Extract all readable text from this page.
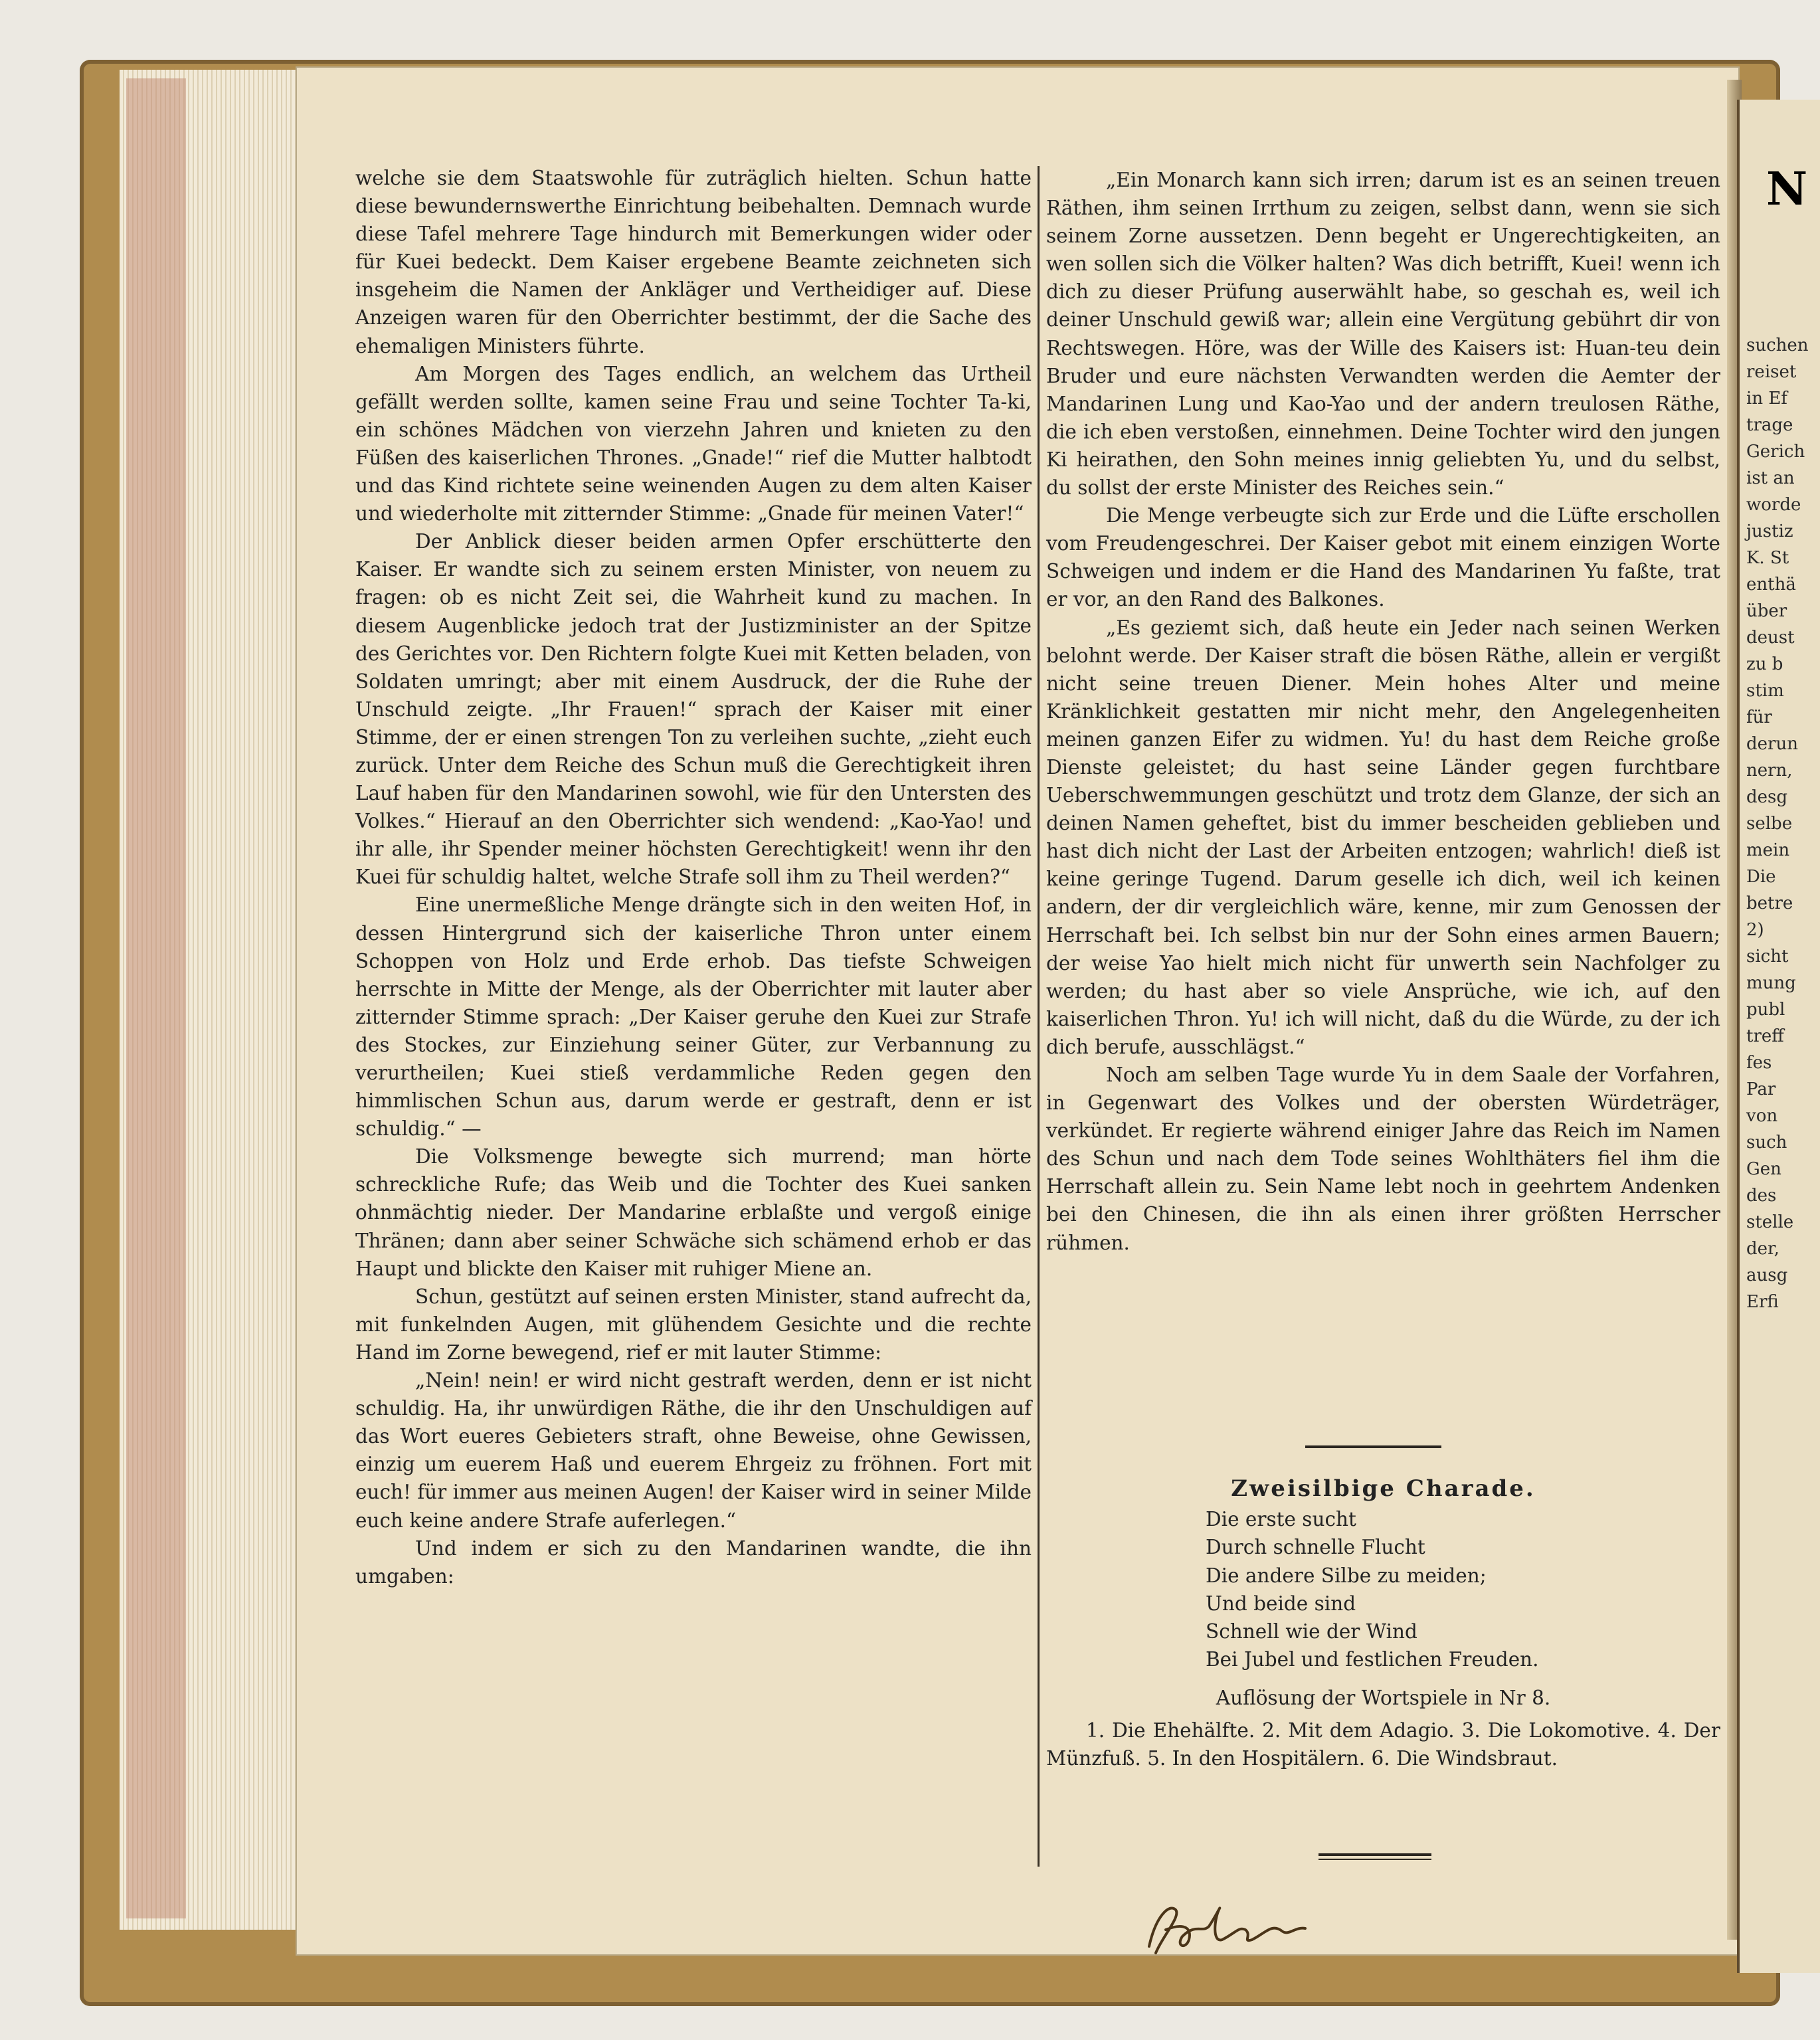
N
suchen
reiset
in Ef
trage
Gerich
ist an
worde
justiz
K. St
enthä
über
deust
zu b
stim
für
derun
nern,
desg
selbe
mein
Die
betre
2)
sicht
mung
publ
treff
fes
Par
von
such
Gen
des
stelle
der,
ausg
Erfi

welche sie dem Staatswohle für zuträglich hielten. Schun hatte diese bewundernswerthe Einrichtung beibehalten. Demnach wurde diese Tafel mehrere Tage hindurch mit Bemerkungen wider oder für Kuei bedeckt. Dem Kaiser ergebene Beamte zeichneten sich insgeheim die Namen der Ankläger und Vertheidiger auf. Diese Anzeigen waren für den Oberrichter bestimmt, der die Sache des ehemaligen Ministers führte.

Am Morgen des Tages endlich, an welchem das Urtheil gefällt werden sollte, kamen seine Frau und seine Tochter Ta-ki, ein schönes Mädchen von vierzehn Jahren und knieten zu den Füßen des kaiserlichen Thrones. „Gnade!“ rief die Mutter halbtodt und das Kind richtete seine weinenden Augen zu dem alten Kaiser und wiederholte mit zitternder Stimme: „Gnade für meinen Vater!“

Der Anblick dieser beiden armen Opfer erschütterte den Kaiser. Er wandte sich zu seinem ersten Minister, von neuem zu fragen: ob es nicht Zeit sei, die Wahrheit kund zu machen. In diesem Augenblicke jedoch trat der Justizminister an der Spitze des Gerichtes vor. Den Richtern folgte Kuei mit Ketten beladen, von Soldaten umringt; aber mit einem Ausdruck, der die Ruhe der Unschuld zeigte. „Ihr Frauen!“ sprach der Kaiser mit einer Stimme, der er einen strengen Ton zu verleihen suchte, „zieht euch zurück. Unter dem Reiche des Schun muß die Gerechtigkeit ihren Lauf haben für den Mandarinen sowohl, wie für den Untersten des Volkes.“ Hierauf an den Oberrichter sich wendend: „Kao-Yao! und ihr alle, ihr Spender meiner höchsten Gerechtigkeit! wenn ihr den Kuei für schuldig haltet, welche Strafe soll ihm zu Theil werden?“

Eine unermeßliche Menge drängte sich in den weiten Hof, in dessen Hintergrund sich der kaiserliche Thron unter einem Schoppen von Holz und Erde erhob. Das tiefste Schweigen herrschte in Mitte der Menge, als der Oberrichter mit lauter aber zitternder Stimme sprach: „Der Kaiser geruhe den Kuei zur Strafe des Stockes, zur Einziehung seiner Güter, zur Verbannung zu verurtheilen; Kuei stieß verdammliche Reden gegen den himmlischen Schun aus, darum werde er gestraft, denn er ist schuldig.“ —

Die Volksmenge bewegte sich murrend; man hörte schreckliche Rufe; das Weib und die Tochter des Kuei sanken ohnmächtig nieder. Der Mandarine erblaßte und vergoß einige Thränen; dann aber seiner Schwäche sich schämend erhob er das Haupt und blickte den Kaiser mit ruhiger Miene an.

Schun, gestützt auf seinen ersten Minister, stand aufrecht da, mit funkelnden Augen, mit glühendem Gesichte und die rechte Hand im Zorne bewegend, rief er mit lauter Stimme:

„Nein! nein! er wird nicht gestraft werden, denn er ist nicht schuldig. Ha, ihr unwürdigen Räthe, die ihr den Unschuldigen auf das Wort eueres Gebieters straft, ohne Beweise, ohne Gewissen, einzig um euerem Haß und euerem Ehrgeiz zu fröhnen. Fort mit euch! für immer aus meinen Augen! der Kaiser wird in seiner Milde euch keine andere Strafe auferlegen.“

Und indem er sich zu den Mandarinen wandte, die ihn umgaben:

„Ein Monarch kann sich irren; darum ist es an seinen treuen Räthen, ihm seinen Irrthum zu zeigen, selbst dann, wenn sie sich seinem Zorne aussetzen. Denn begeht er Ungerechtigkeiten, an wen sollen sich die Völker halten? Was dich betrifft, Kuei! wenn ich dich zu dieser Prüfung auserwählt habe, so geschah es, weil ich deiner Unschuld gewiß war; allein eine Vergütung gebührt dir von Rechtswegen. Höre, was der Wille des Kaisers ist: Huan-teu dein Bruder und eure nächsten Verwandten werden die Aemter der Mandarinen Lung und Kao-Yao und der andern treulosen Räthe, die ich eben verstoßen, einnehmen. Deine Tochter wird den jungen Ki heirathen, den Sohn meines innig geliebten Yu, und du selbst, du sollst der erste Minister des Reiches sein.“

Die Menge verbeugte sich zur Erde und die Lüfte erschollen vom Freudengeschrei. Der Kaiser gebot mit einem einzigen Worte Schweigen und indem er die Hand des Mandarinen Yu faßte, trat er vor, an den Rand des Balkones.

„Es geziemt sich, daß heute ein Jeder nach seinen Werken belohnt werde. Der Kaiser straft die bösen Räthe, allein er vergißt nicht seine treuen Diener. Mein hohes Alter und meine Kränklichkeit gestatten mir nicht mehr, den Angelegenheiten meinen ganzen Eifer zu widmen. Yu! du hast dem Reiche große Dienste geleistet; du hast seine Länder gegen furchtbare Ueberschwemmungen geschützt und trotz dem Glanze, der sich an deinen Namen geheftet, bist du immer bescheiden geblieben und hast dich nicht der Last der Arbeiten entzogen; wahrlich! dieß ist keine geringe Tugend. Darum geselle ich dich, weil ich keinen andern, der dir vergleichlich wäre, kenne, mir zum Genossen der Herrschaft bei. Ich selbst bin nur der Sohn eines armen Bauern; der weise Yao hielt mich nicht für unwerth sein Nachfolger zu werden; du hast aber so viele Ansprüche, wie ich, auf den kaiserlichen Thron. Yu! ich will nicht, daß du die Würde, zu der ich dich berufe, ausschlägst.“

Noch am selben Tage wurde Yu in dem Saale der Vorfahren, in Gegenwart des Volkes und der obersten Würdeträger, verkündet. Er regierte während einiger Jahre das Reich im Namen des Schun und nach dem Tode seines Wohlthäters fiel ihm die Herrschaft allein zu. Sein Name lebt noch in geehrtem Andenken bei den Chinesen, die ihn als einen ihrer größten Herrscher rühmen.

Zweisilbige Charade.
Die erste sucht
Durch schnelle Flucht
Die andere Silbe zu meiden;
Und beide sind
Schnell wie der Wind
Bei Jubel und festlichen Freuden.
Auflösung der Wortspiele in Nr 8.
1. Die Ehehälfte. 2. Mit dem Adagio. 3. Die Lokomotive. 4. Der Münzfuß. 5. In den Hospitälern. 6. Die Windsbraut.
